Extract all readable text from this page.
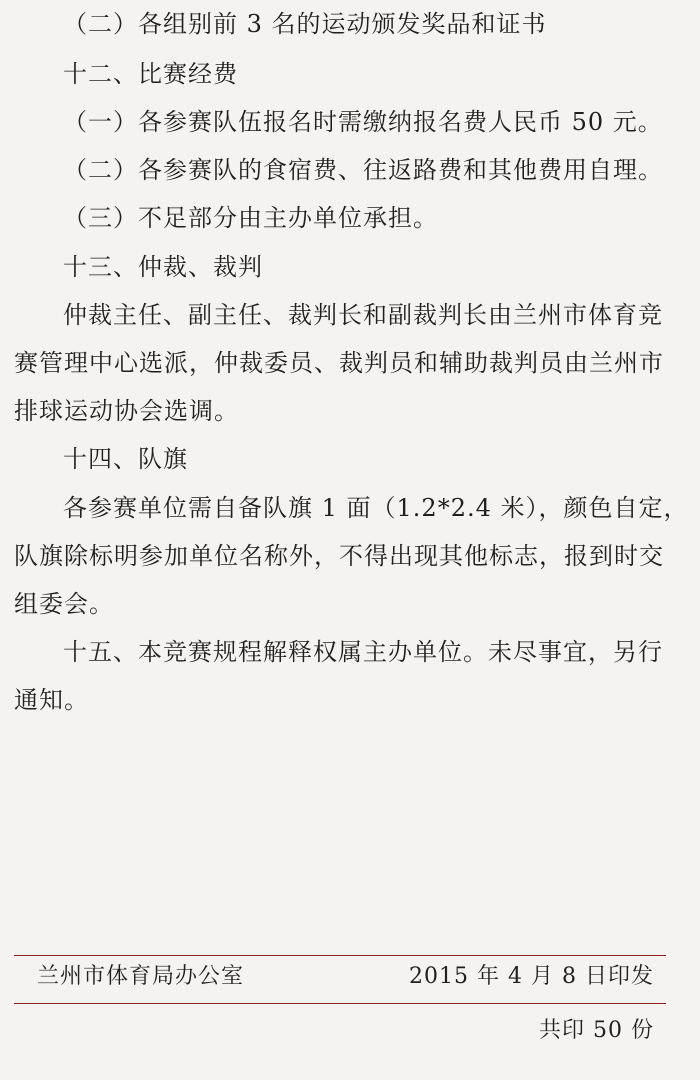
（二）各组别前 3 名的运动颁发奖品和证书
十二、比赛经费
（一）各参赛队伍报名时需缴纳报名费人民币 50 元。
（二）各参赛队的食宿费、往返路费和其他费用自理。
（三）不足部分由主办单位承担。
十三、仲裁、裁判
仲裁主任、副主任、裁判长和副裁判长由兰州市体育竞
赛管理中心选派，仲裁委员、裁判员和辅助裁判员由兰州市
排球运动协会选调。
十四、队旗
各参赛单位需自备队旗 1 面（1.2*2.4 米），颜色自定，
队旗除标明参加单位名称外，不得出现其他标志，报到时交
组委会。
十五、本竞赛规程解释权属主办单位。未尽事宜，另行
通知。
兰州市体育局办公室	2015 年 4 月 8 日印发
共印 50 份
